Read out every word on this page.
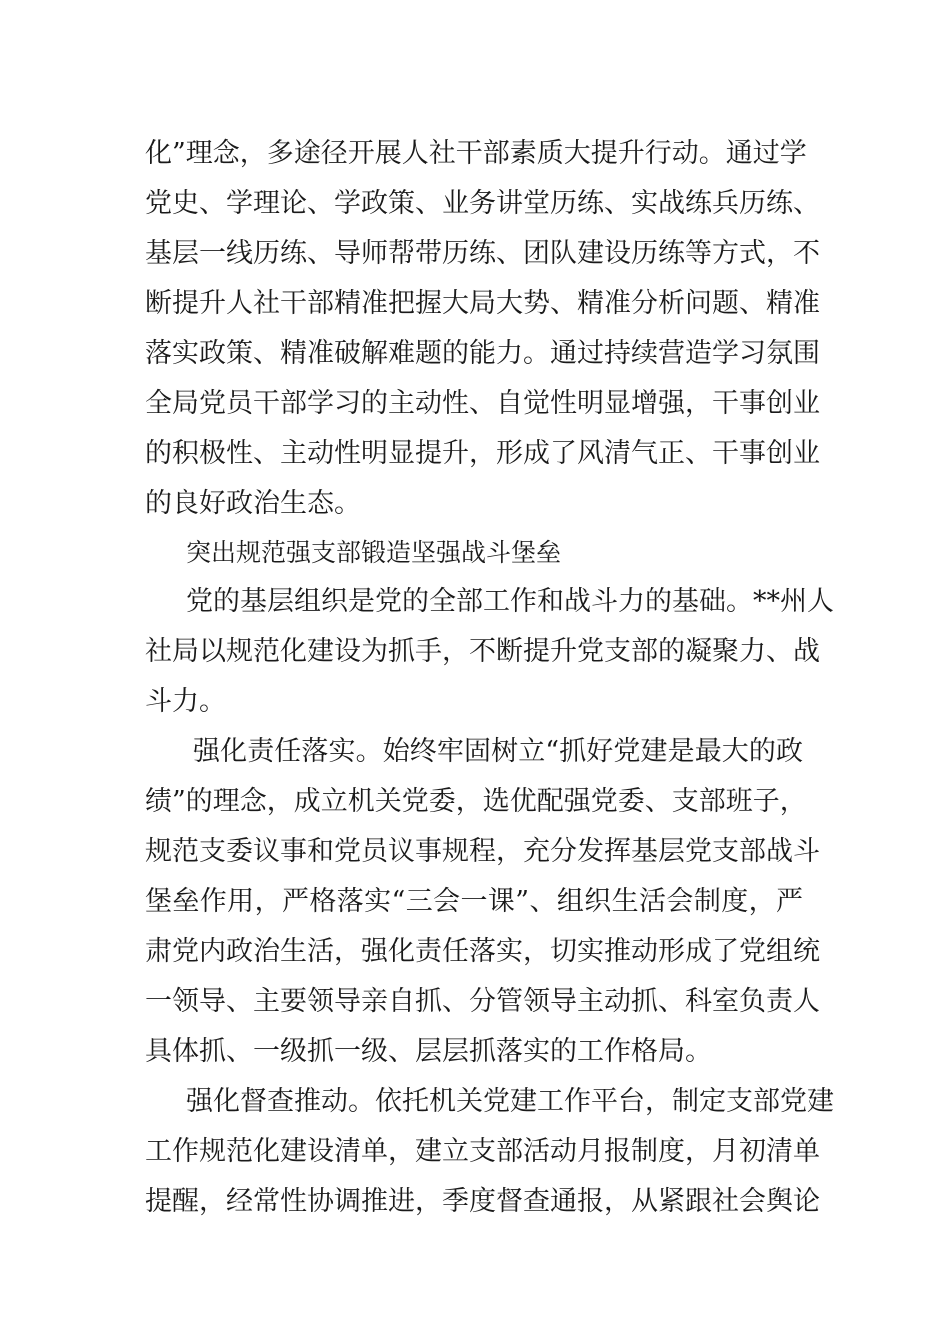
化”理念，多途径开展人社干部素质大提升行动。通过学
党史、学理论、学政策、业务讲堂历练、实战练兵历练、
基层一线历练、导师帮带历练、团队建设历练等方式，不
断提升人社干部精准把握大局大势、精准分析问题、精准
落实政策、精准破解难题的能力。通过持续营造学习氛围
全局党员干部学习的主动性、自觉性明显增强，干事创业
的积极性、主动性明显提升，形成了风清气正、干事创业
的良好政治生态。
突出规范强支部锻造坚强战斗堡垒
党的基层组织是党的全部工作和战斗力的基础。**州人
社局以规范化建设为抓手，不断提升党支部的凝聚力、战
斗力。
强化责任落实。始终牢固树立“抓好党建是最大的政
绩”的理念，成立机关党委，选优配强党委、支部班子，
规范支委议事和党员议事规程，充分发挥基层党支部战斗
堡垒作用，严格落实“三会一课”、组织生活会制度，严
肃党内政治生活，强化责任落实，切实推动形成了党组统
一领导、主要领导亲自抓、分管领导主动抓、科室负责人
具体抓、一级抓一级、层层抓落实的工作格局。
强化督查推动。依托机关党建工作平台，制定支部党建
工作规范化建设清单，建立支部活动月报制度，月初清单
提醒，经常性协调推进，季度督查通报，从紧跟社会舆论
